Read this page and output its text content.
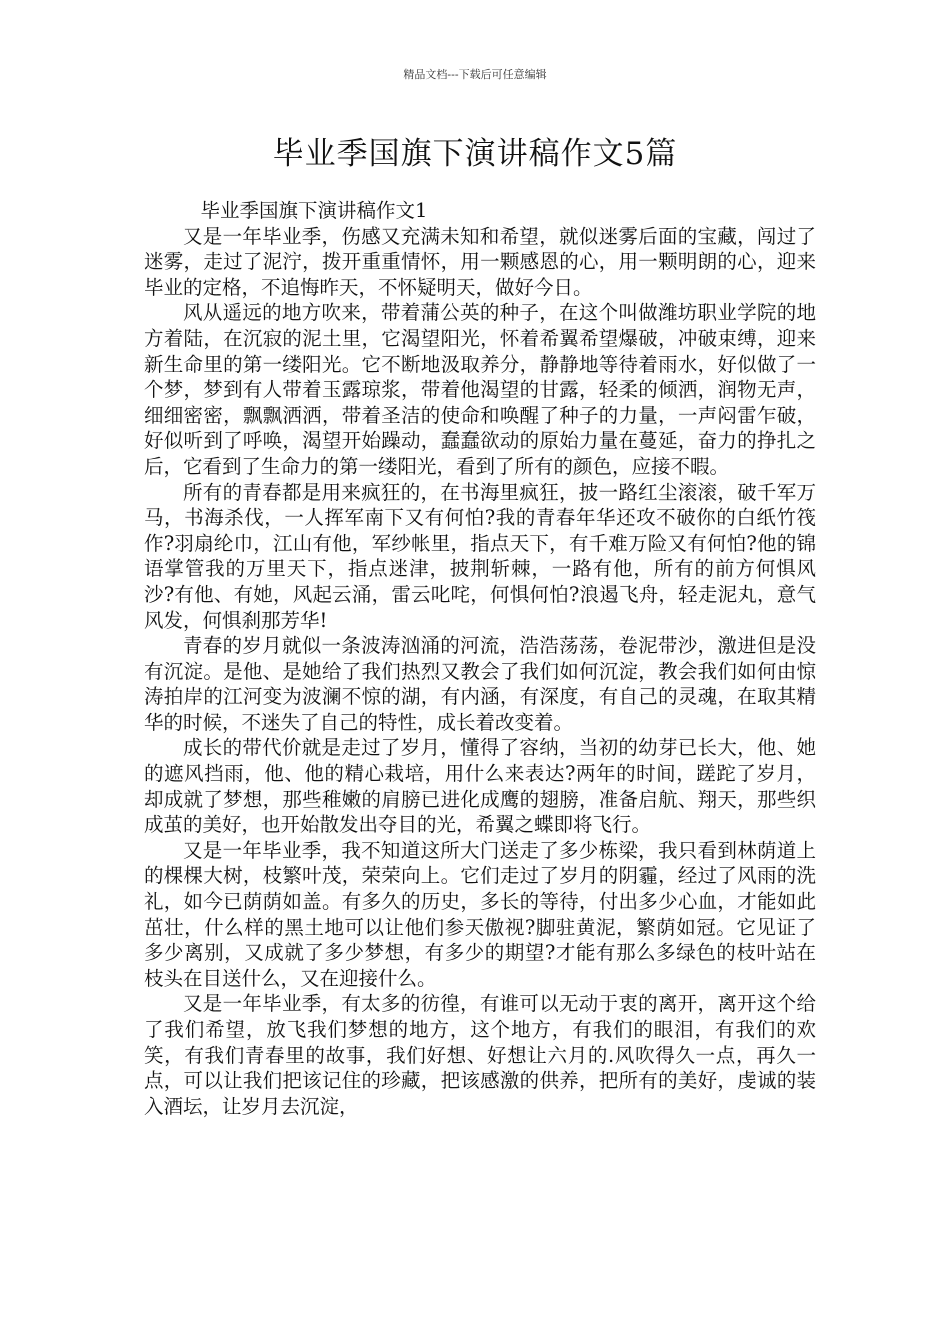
精品文档---下载后可任意编辑
毕业季国旗下演讲稿作文5篇

毕业季国旗下演讲稿作文1

又是一年毕业季，伤感又充满未知和希望，就似迷雾后面的宝藏，闯过了迷雾，走过了泥泞，拨开重重情怀，用一颗感恩的心，用一颗明朗的心，迎来毕业的定格，不追悔昨天，不怀疑明天，做好今日。

风从遥远的地方吹来，带着蒲公英的种子，在这个叫做潍坊职业学院的地方着陆，在沉寂的泥土里，它渴望阳光，怀着希翼希望爆破，冲破束缚，迎来新生命里的第一缕阳光。它不断地汲取养分，静静地等待着雨水，好似做了一个梦，梦到有人带着玉露琼浆，带着他渴望的甘露，轻柔的倾洒，润物无声，细细密密，飘飘洒洒，带着圣洁的使命和唤醒了种子的力量，一声闷雷乍破，好似听到了呼唤，渴望开始躁动，蠢蠢欲动的原始力量在蔓延，奋力的挣扎之后，它看到了生命力的第一缕阳光，看到了所有的颜色，应接不暇。

所有的青春都是用来疯狂的，在书海里疯狂，披一路红尘滚滚，破千军万马，书海杀伐，一人挥军南下又有何怕?我的青春年华还攻不破你的白纸竹筏作?羽扇纶巾，江山有他，军纱帐里，指点天下，有千难万险又有何怕?他的锦语掌管我的万里天下，指点迷津，披荆斩棘，一路有他，所有的前方何惧风沙?有他、有她，风起云涌，雷云叱咤，何惧何怕?浪遏飞舟，轻走泥丸，意气风发，何惧刹那芳华!

青春的岁月就似一条波涛汹涌的河流，浩浩荡荡，卷泥带沙，激进但是没有沉淀。是他、是她给了我们热烈又教会了我们如何沉淀，教会我们如何由惊涛拍岸的江河变为波澜不惊的湖，有内涵，有深度，有自己的灵魂，在取其精华的时候，不迷失了自己的特性，成长着改变着。

成长的带代价就是走过了岁月，懂得了容纳，当初的幼芽已长大，他、她的遮风挡雨，他、他的精心栽培，用什么来表达?两年的时间，蹉跎了岁月，却成就了梦想，那些稚嫩的肩膀已进化成鹰的翅膀，准备启航、翔天，那些织成茧的美好，也开始散发出夺目的光，希翼之蝶即将飞行。

又是一年毕业季，我不知道这所大门送走了多少栋梁，我只看到林荫道上的棵棵大树，枝繁叶茂，荣荣向上。它们走过了岁月的阴霾，经过了风雨的洗礼，如今已荫荫如盖。有多久的历史，多长的等待，付出多少心血，才能如此茁壮，什么样的黑土地可以让他们参天傲视?脚驻黄泥，繁荫如冠。它见证了多少离别，又成就了多少梦想，有多少的期望?才能有那么多绿色的枝叶站在枝头在目送什么，又在迎接什么。

又是一年毕业季，有太多的彷徨，有谁可以无动于衷的离开，离开这个给了我们希望，放飞我们梦想的地方，这个地方，有我们的眼泪，有我们的欢笑，有我们青春里的故事，我们好想、好想让六月的.风吹得久一点，再久一点，可以让我们把该记住的珍藏，把该感激的供养，把所有的美好，虔诚的装入酒坛，让岁月去沉淀，
